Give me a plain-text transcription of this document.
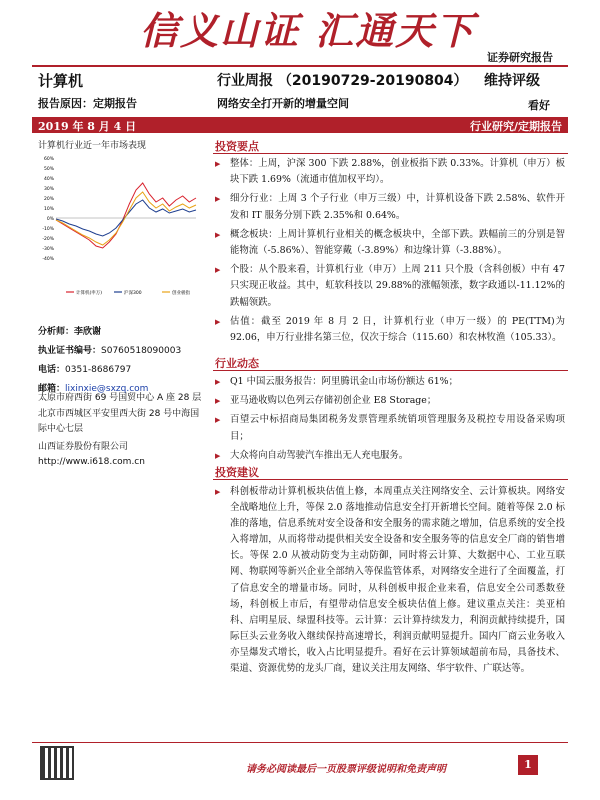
信义山证 汇通天下
证券研究报告
计算机	行业周报 （20190729-20190804） 维持评级
报告原因：定期报告	网络安全打开新的增量空间	看好
2019 年 8 月 4 日	行业研究/定期报告
计算机行业近一年市场表现
60%
50%
40%
30%
20%
10%
0%
-10%
-20%
-30%
-40%
计算机(申万)	沪深300	创业板指
分析师：李欣谢
执业证书编号：S0760518090003
电话：0351-8686797
邮箱：lixinxie@sxzq.com
太原市府西街 69 号国贸中心 A 座 28 层
北京市西城区平安里西大街 28 号中海国际中心七层
山西证券股份有限公司
http://www.i618.com.cn
投资要点
▶ 整体：上周，沪深 300 下跌 2.88%，创业板指下跌 0.33%。计算机（申万）板块下跌 1.69%（流通市值加权平均）。
▶ 细分行业：上周 3 个子行业（申万三级）中，计算机设备下跌 2.58%、软件开发和 IT 服务分别下跌 2.35%和 0.64%。
▶ 概念板块：上周计算机行业相关的概念板块中，全部下跌。跌幅前三的分别是智能物流（-5.86%）、智能穿戴（-3.89%）和边缘计算（-3.88%）。
▶ 个股：从个股来看，计算机行业（申万）上周 211 只个股（含科创板）中有 47 只实现正收益。其中，虹软科技以 29.88%的涨幅领涨，数字政通以-11.12%的跌幅领跌。
▶ 估值：截至 2019 年 8 月 2 日，计算机行业（申万一级）的 PE(TTM)为 92.06，申万行业排名第三位，仅次于综合（115.60）和农林牧渔（105.33）。
行业动态
▶ Q1 中国云服务报告：阿里腾讯金山市场份额达 61%；
▶ 亚马逊收购以色列云存储初创企业 E8 Storage；
▶ 百望云中标招商局集团税务发票管理系统销项管理服务及税控专用设备采购项目；
▶ 大众将向自动驾驶汽车推出无人充电服务。
投资建议
▶ 科创板带动计算机板块估值上修，本周重点关注网络安全、云计算板块。网络安全战略地位上升，等保 2.0 落地推动信息安全打开新增长空间。随着等保 2.0 标准的落地，信息系统对安全设备和安全服务的需求随之增加，信息系统的安全投入将增加，从而将带动提供相关安全设备和安全服务等的信息安全厂商的销售增长。等保 2.0 从被动防变为主动防御，同时将云计算、大数据中心、工业互联网、物联网等新兴企业全部纳入等保监管体系，对网络安全进行了全面覆盖，打了信息安全的增量市场。同时，从科创板申报企业来看，信息安全公司悉数登场，科创板上市后，有望带动信息安全板块估值上修。建议重点关注：美亚柏科、启明星辰、绿盟科技等。云计算：云计算持续发力，利润贡献持续提升，国际巨头云业务收入继续保持高速增长，利润贡献明显提升。国内厂商云业务收入亦呈爆发式增长，收入占比明显提升。看好在云计算领域超前布局，具备技术、渠道、资源优势的龙头厂商，建议关注用友网络、华宇软件、广联达等。
请务必阅读最后一页股票评级说明和免责声明	1
